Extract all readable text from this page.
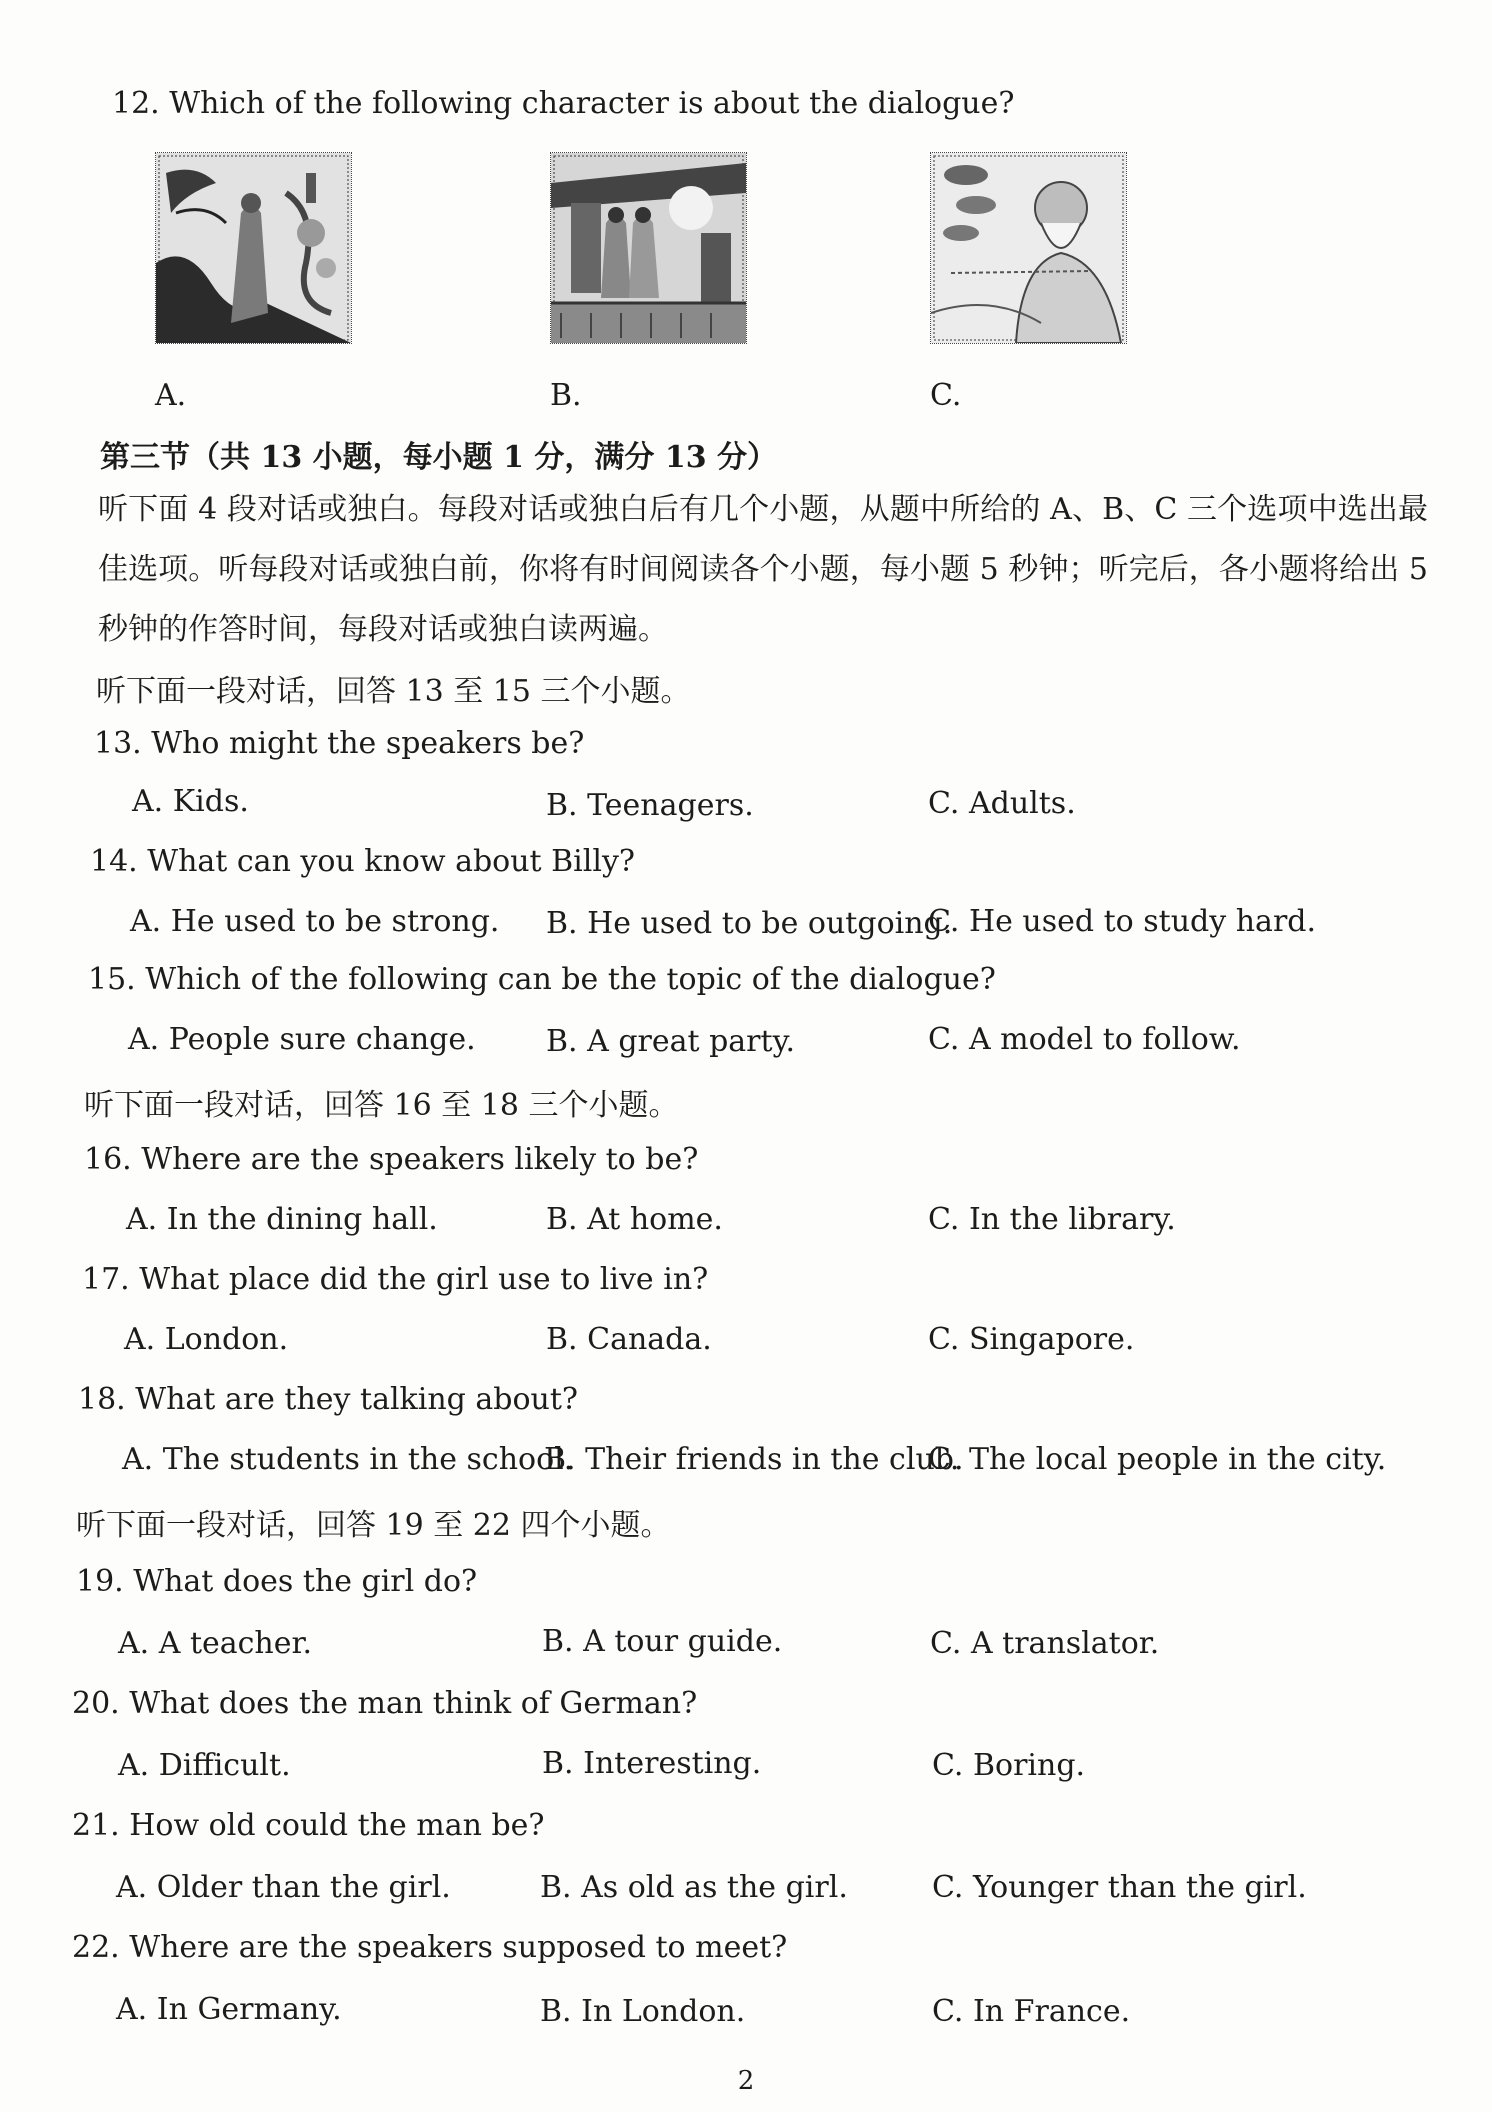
12. Which of the following character is about the dialogue?
A.	B.	C.
第三节（共 13 小题，每小题 1 分，满分 13 分）
听下面 4 段对话或独白。每段对话或独白后有几个小题，从题中所给的 A、B、C 三个选项中选出最佳选项。听每段对话或独白前，你将有时间阅读各个小题，每小题 5 秒钟；听完后，各小题将给出 5 秒钟的作答时间，每段对话或独白读两遍。
听下面一段对话，回答 13 至 15 三个小题。
13. Who might the speakers be?
A. Kids.	B. Teenagers.	C. Adults.
14. What can you know about Billy?
A. He used to be strong. B. He used to be outgoing.
C. He used to study hard.
15. Which of the following can be the topic of the dialogue?
A. People sure change. B. A great party.	C. A model to follow.
听下面一段对话，回答 16 至 18 三个小题。
16. Where are the speakers likely to be?
A. In the dining hall.	B. At home.	C. In the library.
17. What place did the girl use to live in?
A. London.	B. Canada.	C. Singapore.
18. What are they talking about?
A. The students in the school.
B. Their friends in the club.
C. The local people in the city.
听下面一段对话，回答 19 至 22 四个小题。
19. What does the girl do?
A. A teacher.	B. A tour guide.	C. A translator.
20. What does the man think of German?
A. Difficult.	B. Interesting.	C. Boring.
21. How old could the man be?
A. Older than the girl.	B. As old as the girl.	C. Younger than the girl.
22. Where are the speakers supposed to meet?
A. In Germany.	B. In London.	C. In France.
2
